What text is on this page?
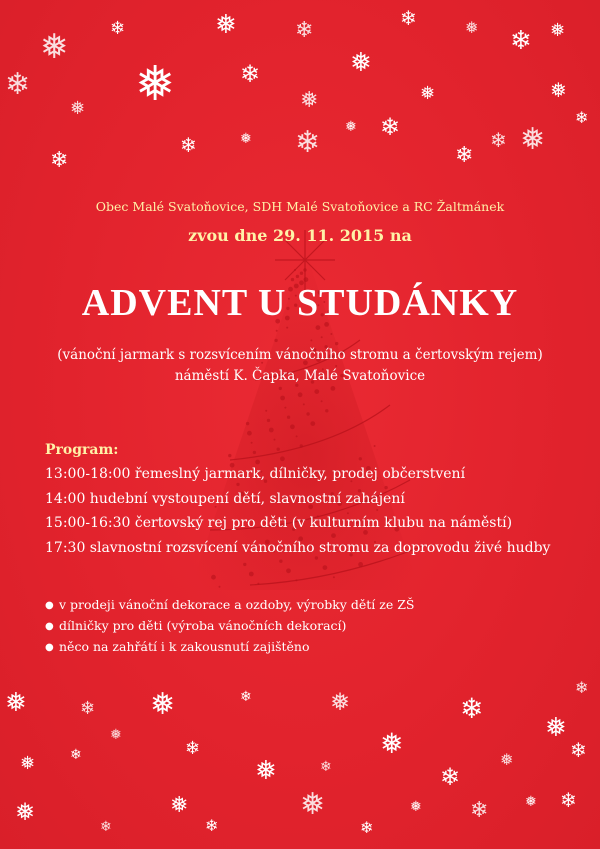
❅ ❄	❅	❄
❅
❄	❅ ❄ ❅
❄ ❅	❄
❅
❄
❅
❄
❅
❄
❅
❄	❅ ❄ ❅
❄ ❅
❄
❅	❄ ❅	❄	❅	❄
❅
❄
❅ ❄
❅
❄
❅	❄
❅
❄
❅	❄
❅
❄
❅
❄
❅
❄
❅ ❄	❅ ❄
Obec Malé Svatoňovice, SDH Malé Svatoňovice a RC Žaltmánek
zvou dne 29. 11. 2015 na
ADVENT U STUDÁNKY
(vánoční jarmark s rozsvícením vánočního stromu a čertovským rejem)
náměstí K. Čapka, Malé Svatoňovice
Program:
13:00-18:00 řemeslný jarmark, dílničky, prodej občerstvení
14:00 hudební vystoupení dětí, slavnostní zahájení
15:00-16:30 čertovský rej pro děti (v kulturním klubu na náměstí)
17:30 slavnostní rozsvícení vánočního stromu za doprovodu živé hudby
● v prodeji vánoční dekorace a ozdoby, výrobky dětí ze ZŠ
● dílničky pro děti (výroba vánočních dekorací)
● něco na zahřátí i k zakousnutí zajištěno
